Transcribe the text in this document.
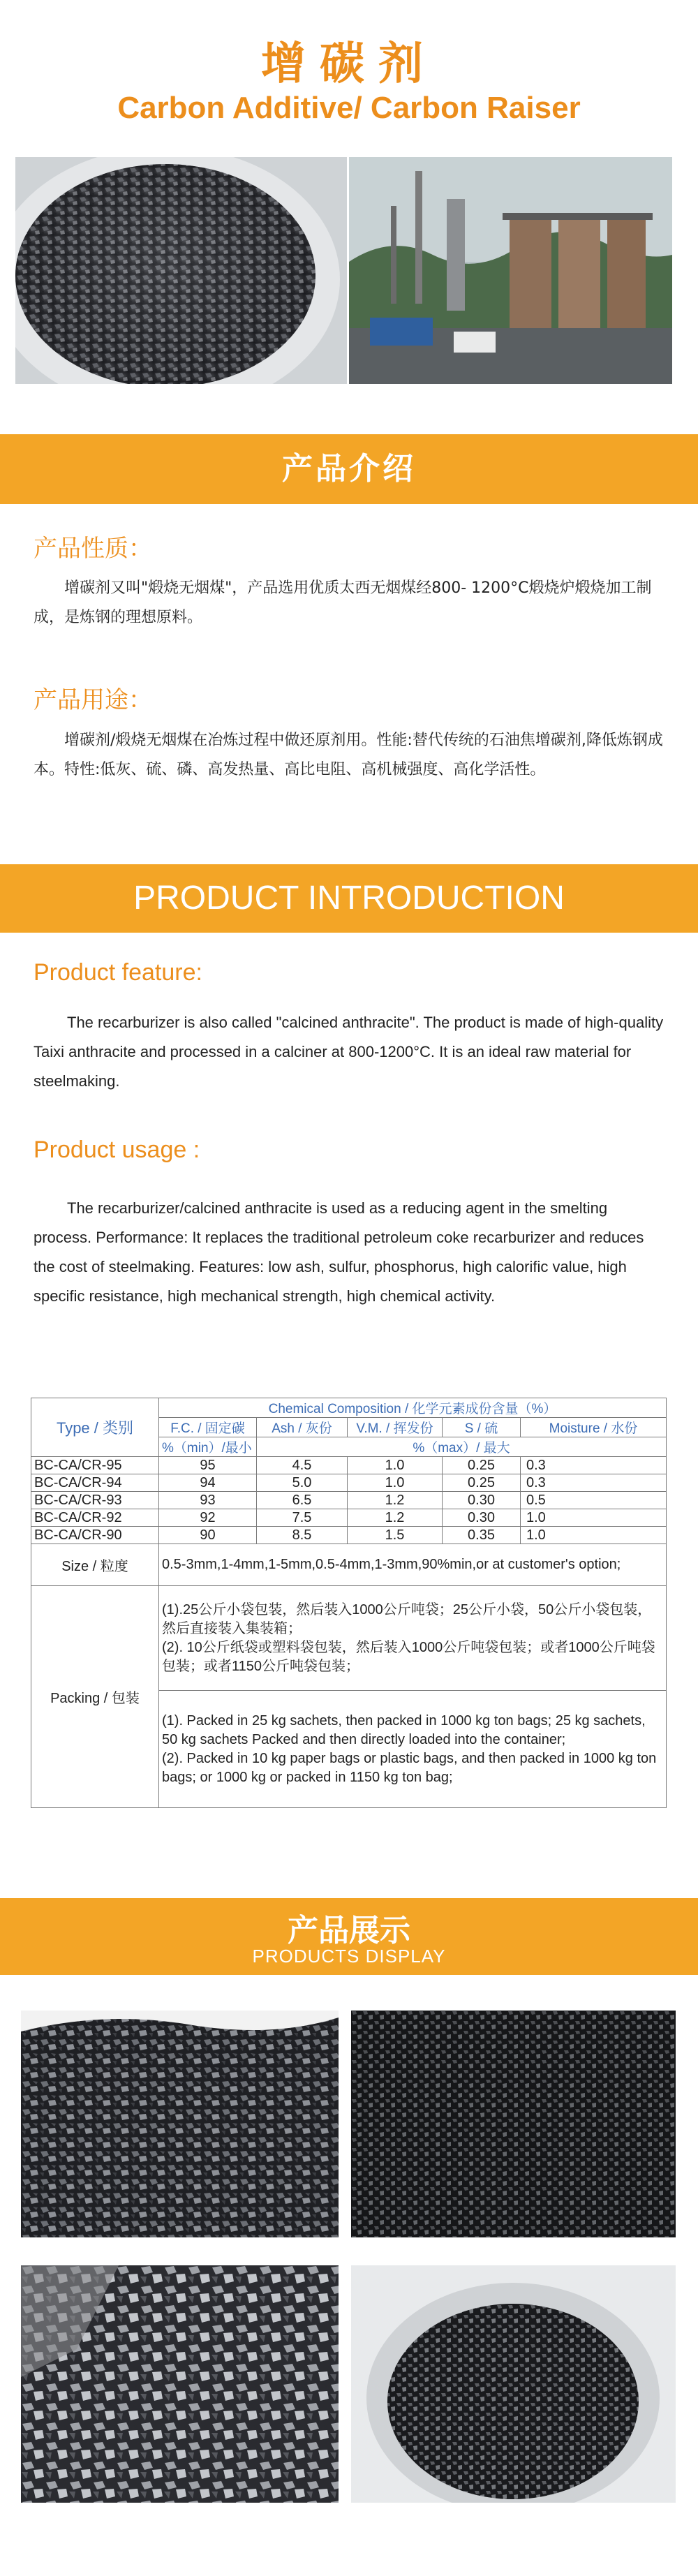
增碳剂
Carbon Additive/ Carbon Raiser
产品介绍
产品性质：
增碳剂又叫"煅烧无烟煤"，产品选用优质太西无烟煤经800- 1200°C煅烧炉煅烧加工制成，是炼钢的理想原料。
产品用途：
增碳剂/煅烧无烟煤在冶炼过程中做还原剂用。性能:替代传统的石油焦增碳剂,降低炼钢成本。特性:低灰、硫、磷、高发热量、高比电阻、高机械强度、高化学活性。
PRODUCT INTRODUCTION
Product feature:
The recarburizer is also called "calcined anthracite". The product is made of high-quality Taixi anthracite and processed in a calciner at 800-1200°C. It is an ideal raw material for steelmaking.
Product usage :
The recarburizer/calcined anthracite is used as a reducing agent in the smelting process. Performance: It replaces the traditional petroleum coke recarburizer and reduces the cost of steelmaking. Features: low ash, sulfur, phosphorus, high calorific value, high specific resistance, high mechanical strength, high chemical activity.
Type / 类别	Chemical Composition / 化学元素成份含量（%）				
	F.C. / 固定碳	Ash / 灰份	V.M. / 挥发份	S / 硫	Moisture / 水份
	%（min）/最小	%（max）/ 最大			
BC-CA/CR-95	95	4.5	1.0	0.25	0.3
BC-CA/CR-94	94	5.0	1.0	0.25	0.3
BC-CA/CR-93	93	6.5	1.2	0.30	0.5
BC-CA/CR-92	92	7.5	1.2	0.30	1.0
BC-CA/CR-90	90	8.5	1.5	0.35	1.0
Size / 粒度	0.5-3mm,1-4mm,1-5mm,0.5-4mm,1-3mm,90%min,or at customer's option;				
Packing / 包装	(1).25公斤小袋包装，然后装入1000公斤吨袋；25公斤小袋，50公斤小袋包装，然后直接装入集装箱；
(2). 10公斤纸袋或塑料袋包装，然后装入1000公斤吨袋包装；或者1000公斤吨袋包装；或者1150公斤吨袋包装；				

	(1). Packed in 25 kg sachets, then packed in 1000 kg ton bags; 25 kg sachets, 50 kg sachets Packed and then directly loaded into the container;
(2). Packed in 10 kg paper bags or plastic bags, and then packed in 1000 kg ton bags; or 1000 kg or packed in 1150 kg ton bag;				
产品展示
PRODUCTS DISPLAY
